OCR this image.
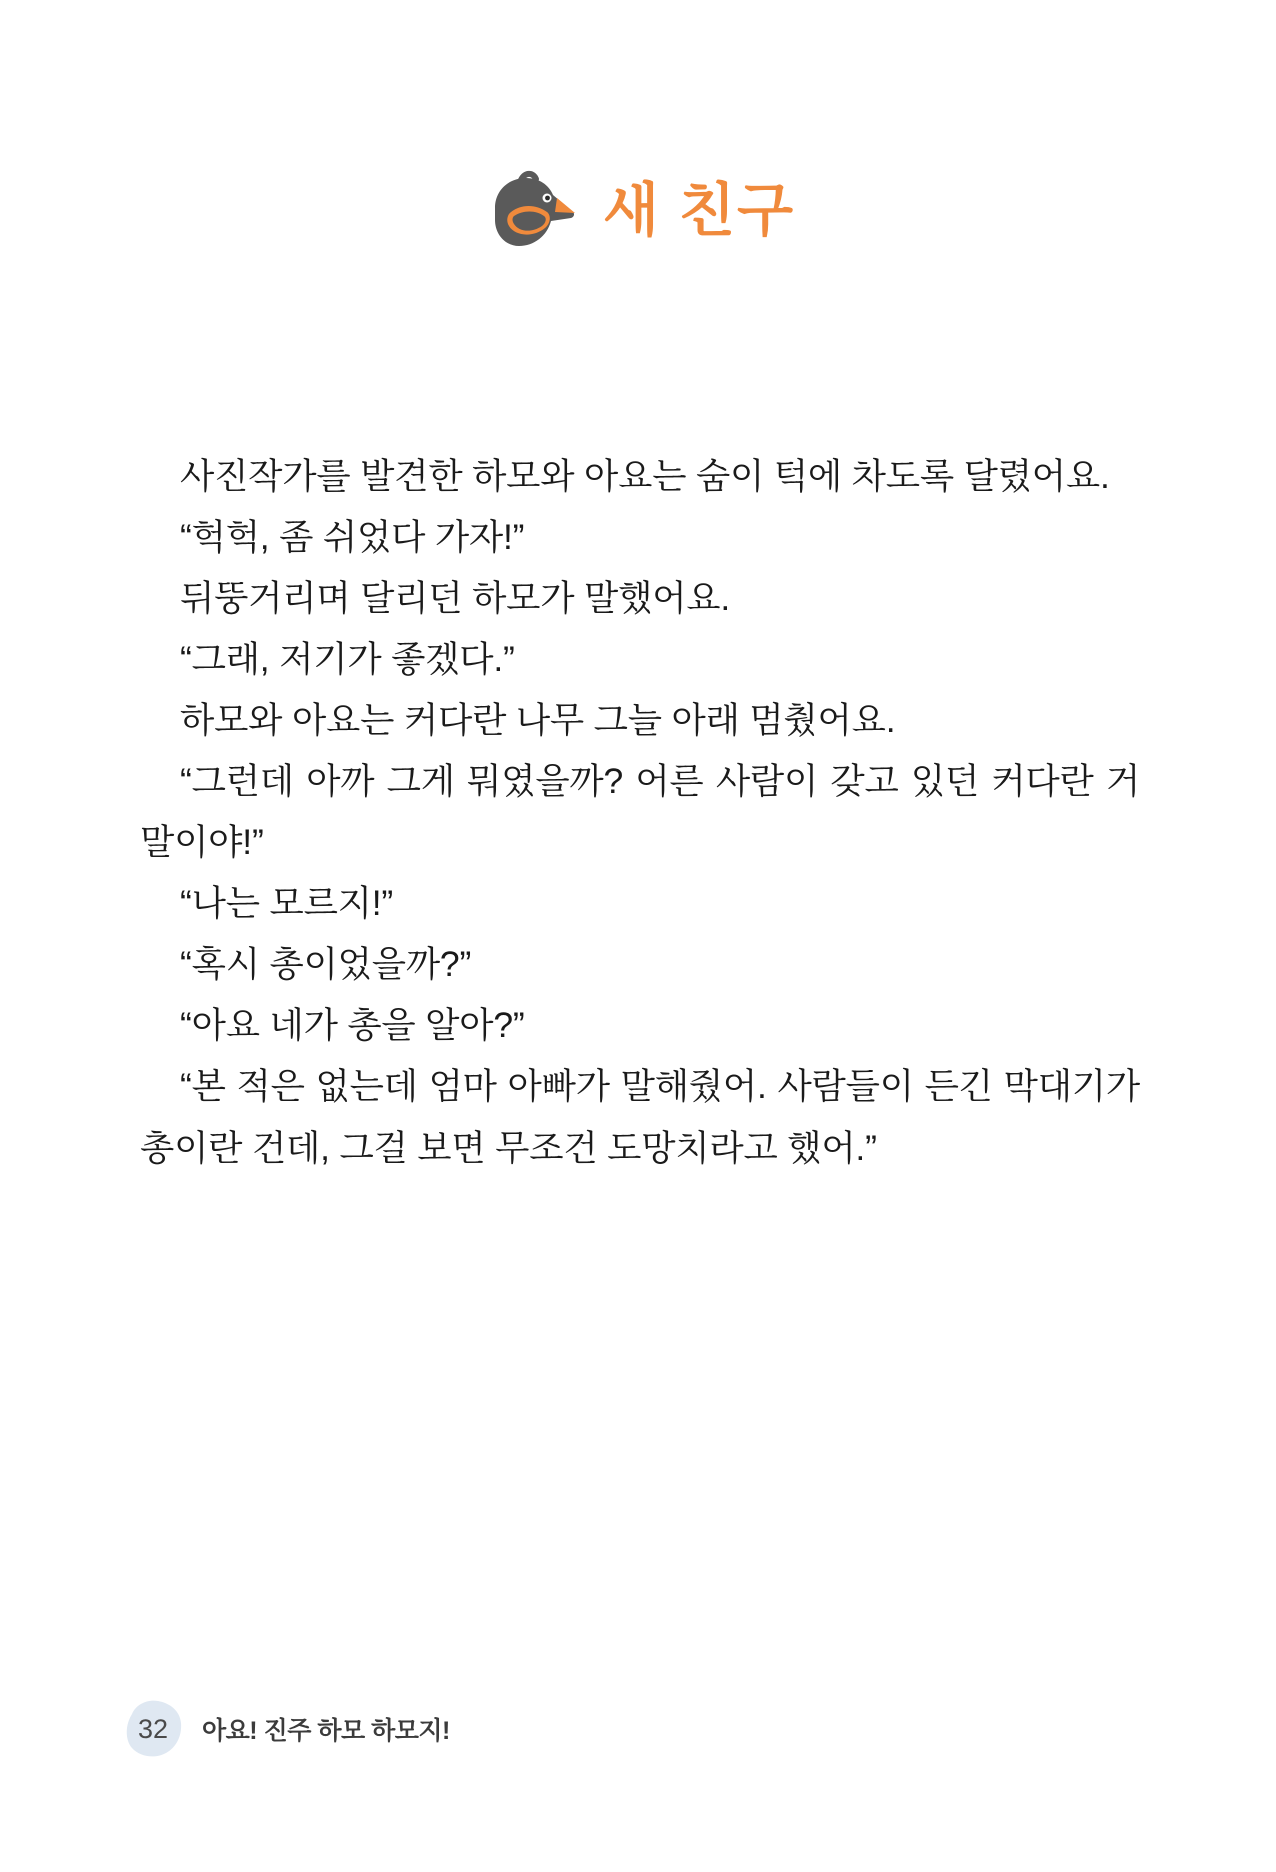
새 친구

사진작가를 발견한 하모와 아요는 숨이 턱에 차도록 달렸어요.

“헉헉, 좀 쉬었다 가자!”

뒤뚱거리며 달리던 하모가 말했어요.

“그래, 저기가 좋겠다.”

하모와 아요는 커다란 나무 그늘 아래 멈췄어요.

“그런데 아까 그게 뭐였을까? 어른 사람이 갖고 있던 커다란 거 말이야!”

“나는 모르지!”

“혹시 총이었을까?”

“아요 네가 총을 알아?”

“본 적은 없는데 엄마 아빠가 말해줬어. 사람들이 든긴 막대기가 총이란 건데, 그걸 보면 무조건 도망치라고 했어.”

32 아요! 진주 하모 하모지!
